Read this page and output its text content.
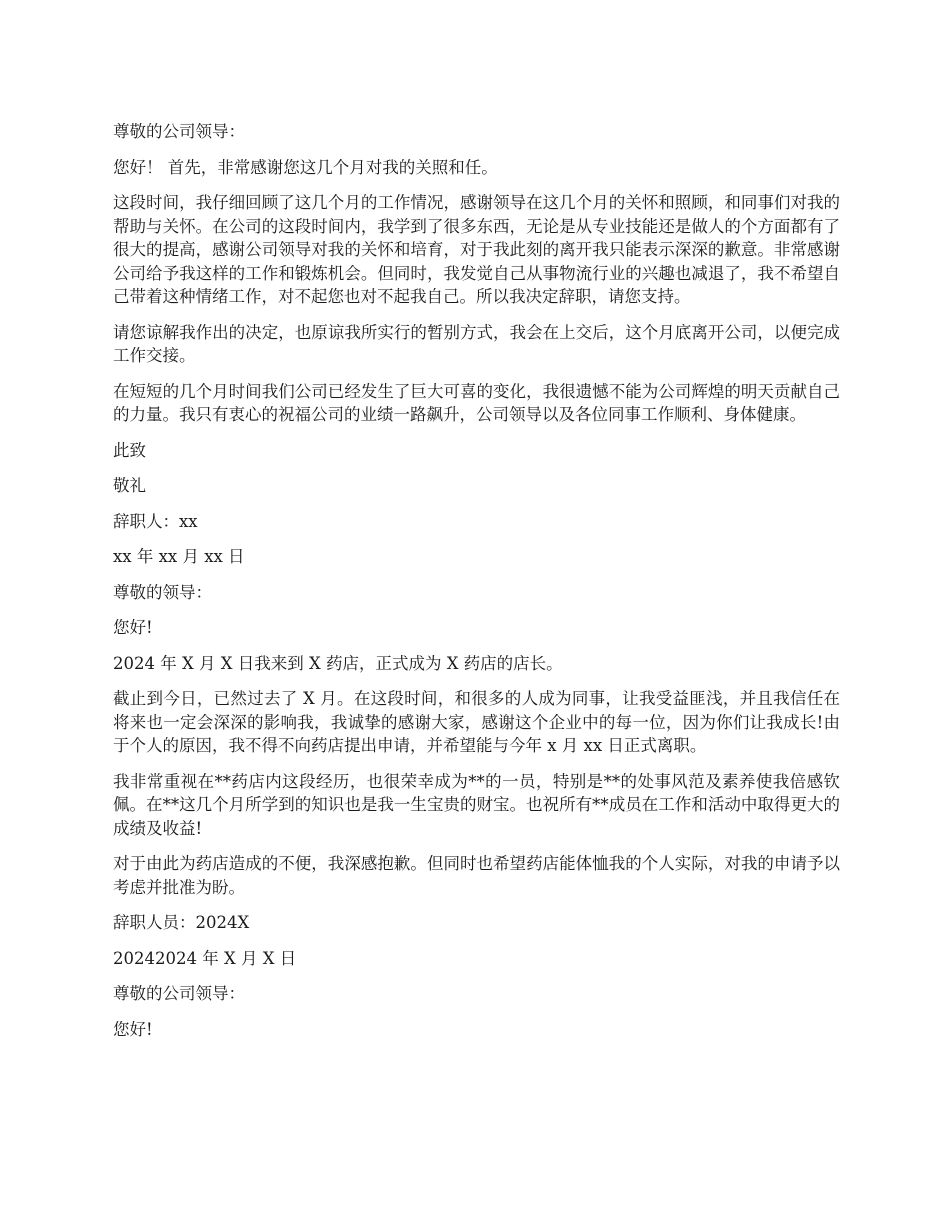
尊敬的公司领导：

您好！ 首先，非常感谢您这几个月对我的关照和任。

这段时间，我仔细回顾了这几个月的工作情况，感谢领导在这几个月的关怀和照顾，和同事们对我的帮助与关怀。在公司的这段时间内，我学到了很多东西，无论是从专业技能还是做人的个方面都有了很大的提高，感谢公司领导对我的关怀和培育，对于我此刻的离开我只能表示深深的歉意。非常感谢公司给予我这样的工作和锻炼机会。但同时，我发觉自己从事物流行业的兴趣也减退了，我不希望自己带着这种情绪工作，对不起您也对不起我自己。所以我决定辞职，请您支持。

请您谅解我作出的决定，也原谅我所实行的暂别方式，我会在上交后，这个月底离开公司，以便完成工作交接。

在短短的几个月时间我们公司已经发生了巨大可喜的变化，我很遗憾不能为公司辉煌的明天贡献自己的力量。我只有衷心的祝福公司的业绩一路飙升，公司领导以及各位同事工作顺利、身体健康。

此致

敬礼

辞职人：xx

xx 年 xx 月 xx 日

尊敬的领导：

您好!

2024 年 X 月 X 日我来到 X 药店，正式成为 X 药店的店长。

截止到今日，已然过去了 X 月。在这段时间，和很多的人成为同事，让我受益匪浅，并且我信任在将来也一定会深深的影响我，我诚挚的感谢大家，感谢这个企业中的每一位，因为你们让我成长!由于个人的原因，我不得不向药店提出申请，并希望能与今年 x 月 xx 日正式离职。

我非常重视在**药店内这段经历，也很荣幸成为**的一员，特别是**的处事风范及素养使我倍感钦佩。在**这几个月所学到的知识也是我一生宝贵的财宝。也祝所有**成员在工作和活动中取得更大的成绩及收益!

对于由此为药店造成的不便，我深感抱歉。但同时也希望药店能体恤我的个人实际，对我的申请予以考虑并批准为盼。

辞职人员：2024X

20242024 年 X 月 X 日

尊敬的公司领导：

您好!
